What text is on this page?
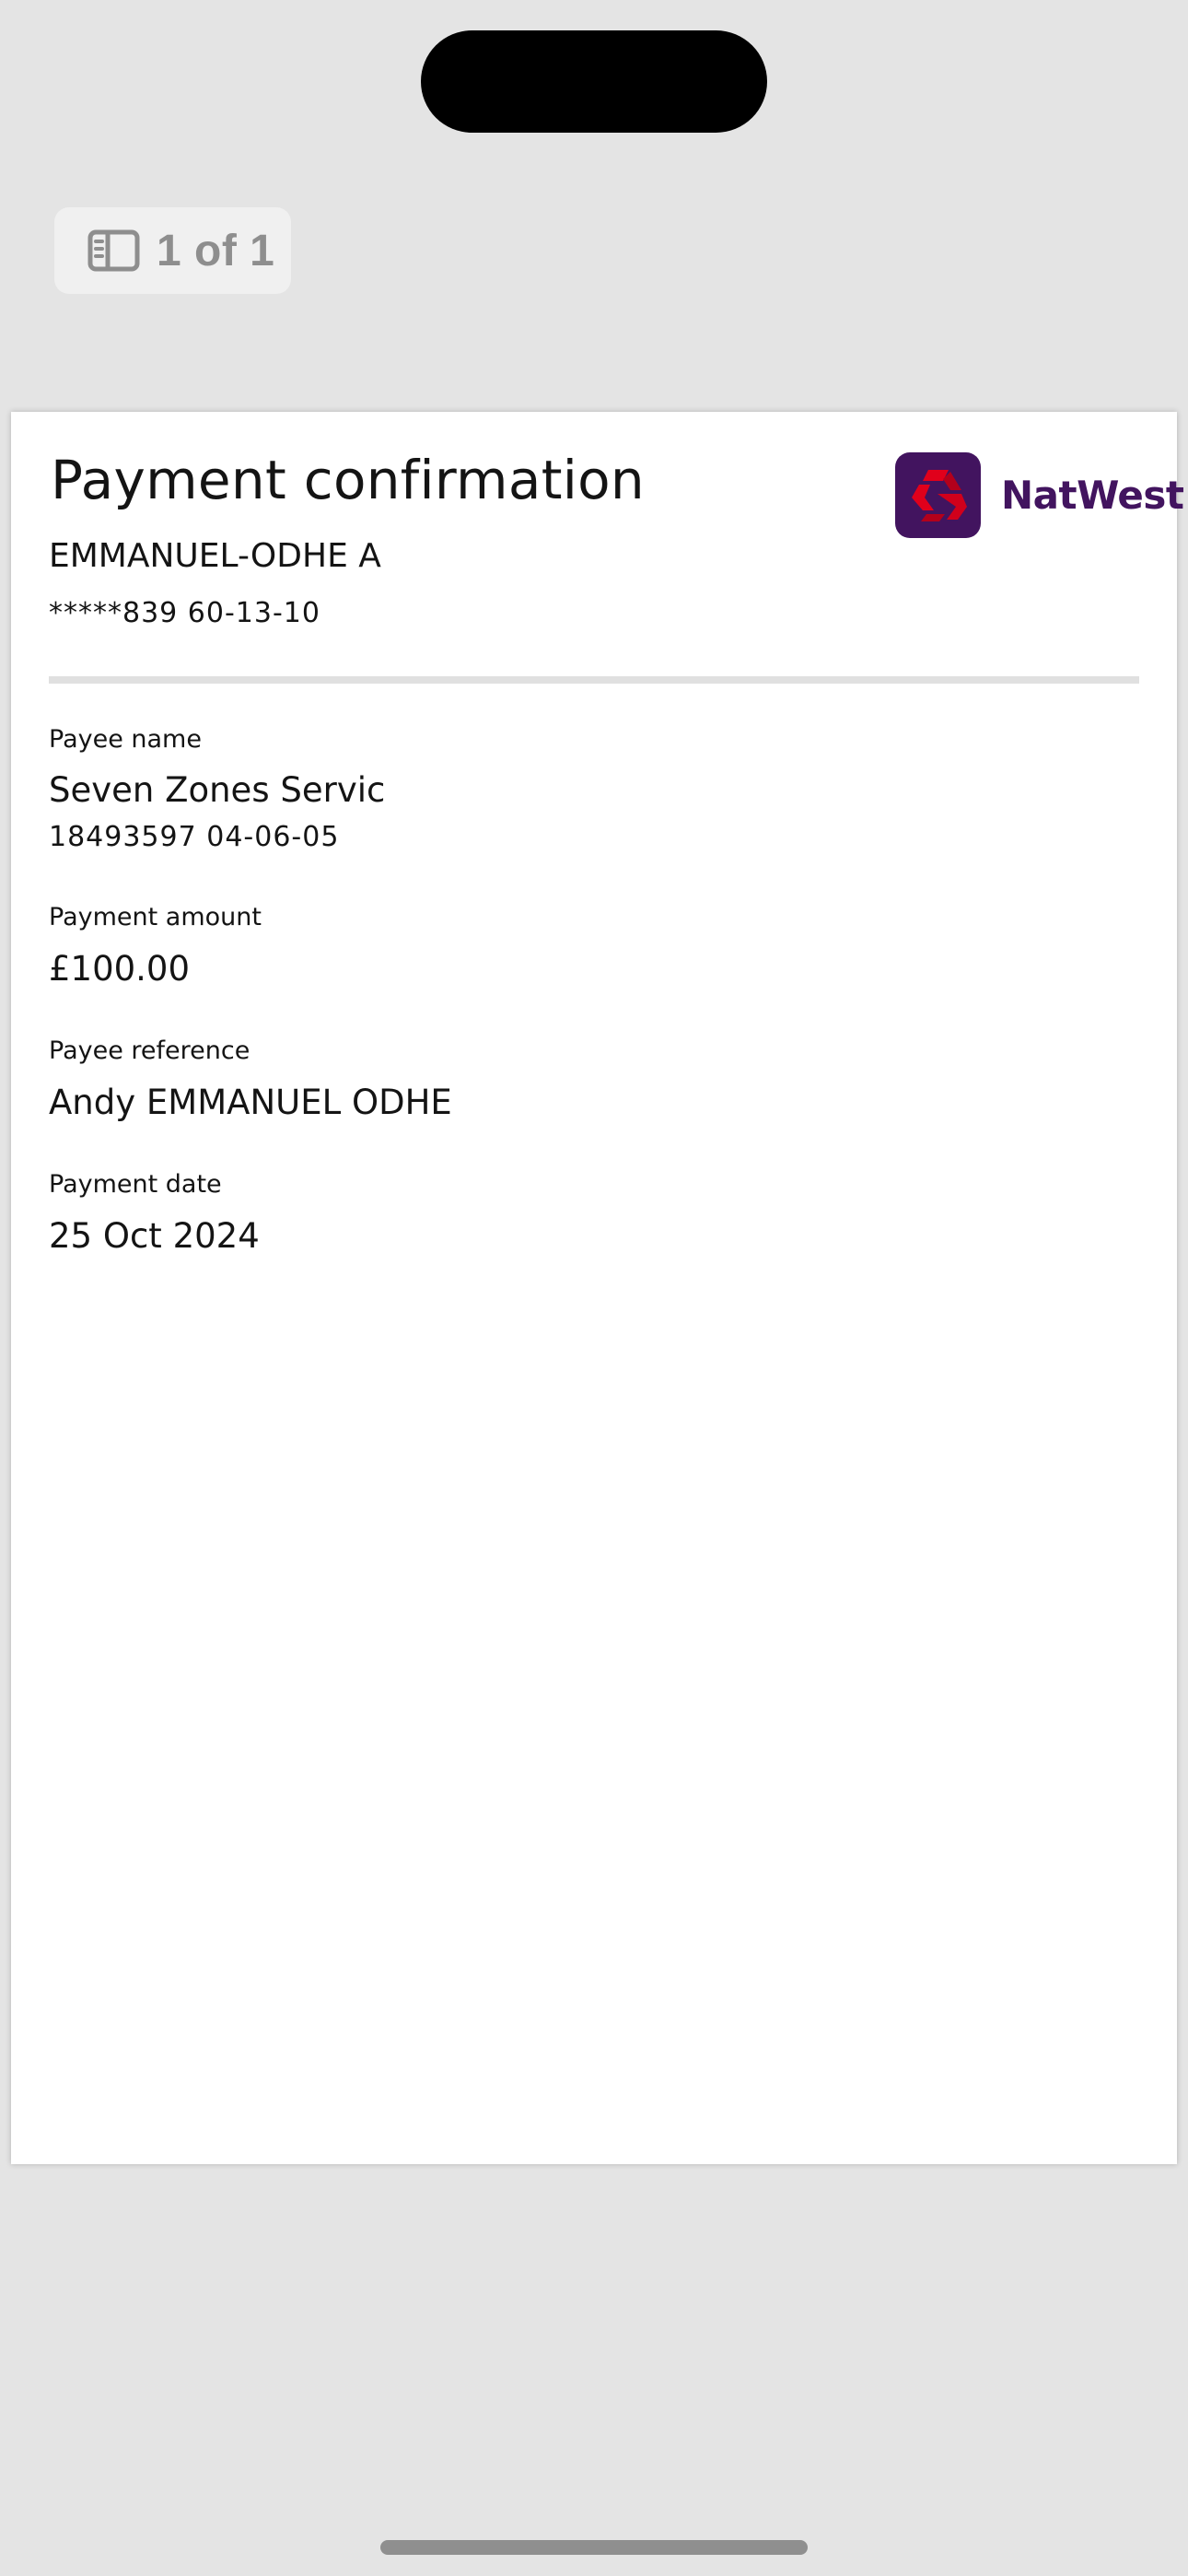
1 of 1
Payment confirmation
EMMANUEL-ODHE A
*****839 60-13-10
NatWest
Payee name
Seven Zones Servic
18493597 04-06-05
Payment amount
£100.00
Payee reference
Andy EMMANUEL ODHE
Payment date
25 Oct 2024
